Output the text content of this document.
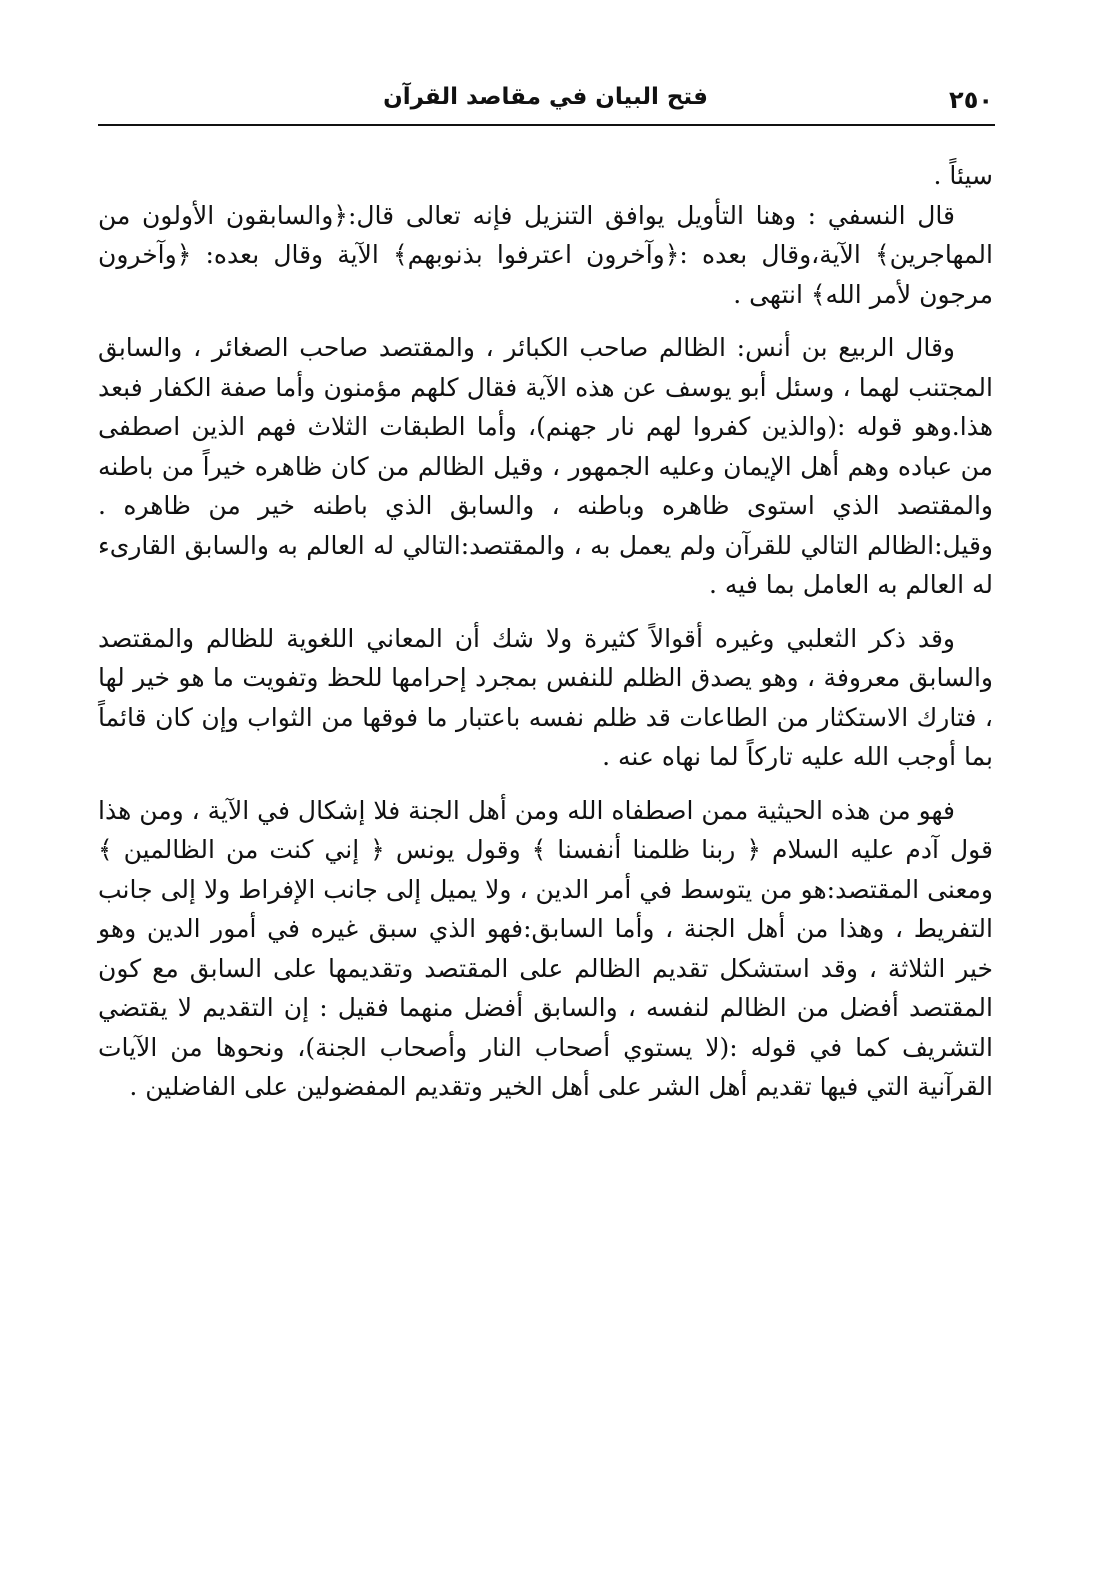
٢٥٠
فتح البيان في مقاصد القرآن

سيئاً .

قال النسفي : وهنا التأويل يوافق التنزيل فإنه تعالى قال:﴿والسابقون الأولون من المهاجرين﴾ الآية،وقال بعده :﴿وآخرون اعترفوا بذنوبهم﴾ الآية وقال بعده: ﴿وآخرون مرجون لأمر الله﴾ انتهى .

وقال الربيع بن أنس: الظالم صاحب الكبائر ، والمقتصد صاحب الصغائر ، والسابق المجتنب لهما ، وسئل أبو يوسف عن هذه الآية فقال كلهم مؤمنون وأما صفة الكفار فبعد هذا.وهو قوله :(والذين كفروا لهم نار جهنم)، وأما الطبقات الثلاث فهم الذين اصطفى من عباده وهم أهل الإيمان وعليه الجمهور ، وقيل الظالم من كان ظاهره خيراً من باطنه والمقتصد الذي استوى ظاهره وباطنه ، والسابق الذي باطنه خير من ظاهره . وقيل:الظالم التالي للقرآن ولم يعمل به ، والمقتصد:التالي له العالم به والسابق القارىء له العالم به العامل بما فيه .

وقد ذكر الثعلبي وغيره أقوالاً كثيرة ولا شك أن المعاني اللغوية للظالم والمقتصد والسابق معروفة ، وهو يصدق الظلم للنفس بمجرد إحرامها للحظ وتفويت ما هو خير لها ، فتارك الاستكثار من الطاعات قد ظلم نفسه باعتبار ما فوقها من الثواب وإن كان قائماً بما أوجب الله عليه تاركاً لما نهاه عنه .

فهو من هذه الحيثية ممن اصطفاه الله ومن أهل الجنة فلا إشكال في الآية ، ومن هذا قول آدم عليه السلام ﴿ ربنا ظلمنا أنفسنا ﴾ وقول يونس ﴿ إني كنت من الظالمين ﴾ ومعنى المقتصد:هو من يتوسط في أمر الدين ، ولا يميل إلى جانب الإفراط ولا إلى جانب التفريط ، وهذا من أهل الجنة ، وأما السابق:فهو الذي سبق غيره في أمور الدين وهو خير الثلاثة ، وقد استشكل تقديم الظالم على المقتصد وتقديمها على السابق مع كون المقتصد أفضل من الظالم لنفسه ، والسابق أفضل منهما فقيل : إن التقديم لا يقتضي التشريف كما في قوله :(لا يستوي أصحاب النار وأصحاب الجنة)، ونحوها من الآيات القرآنية التي فيها تقديم أهل الشر على أهل الخير وتقديم المفضولين على الفاضلين .
